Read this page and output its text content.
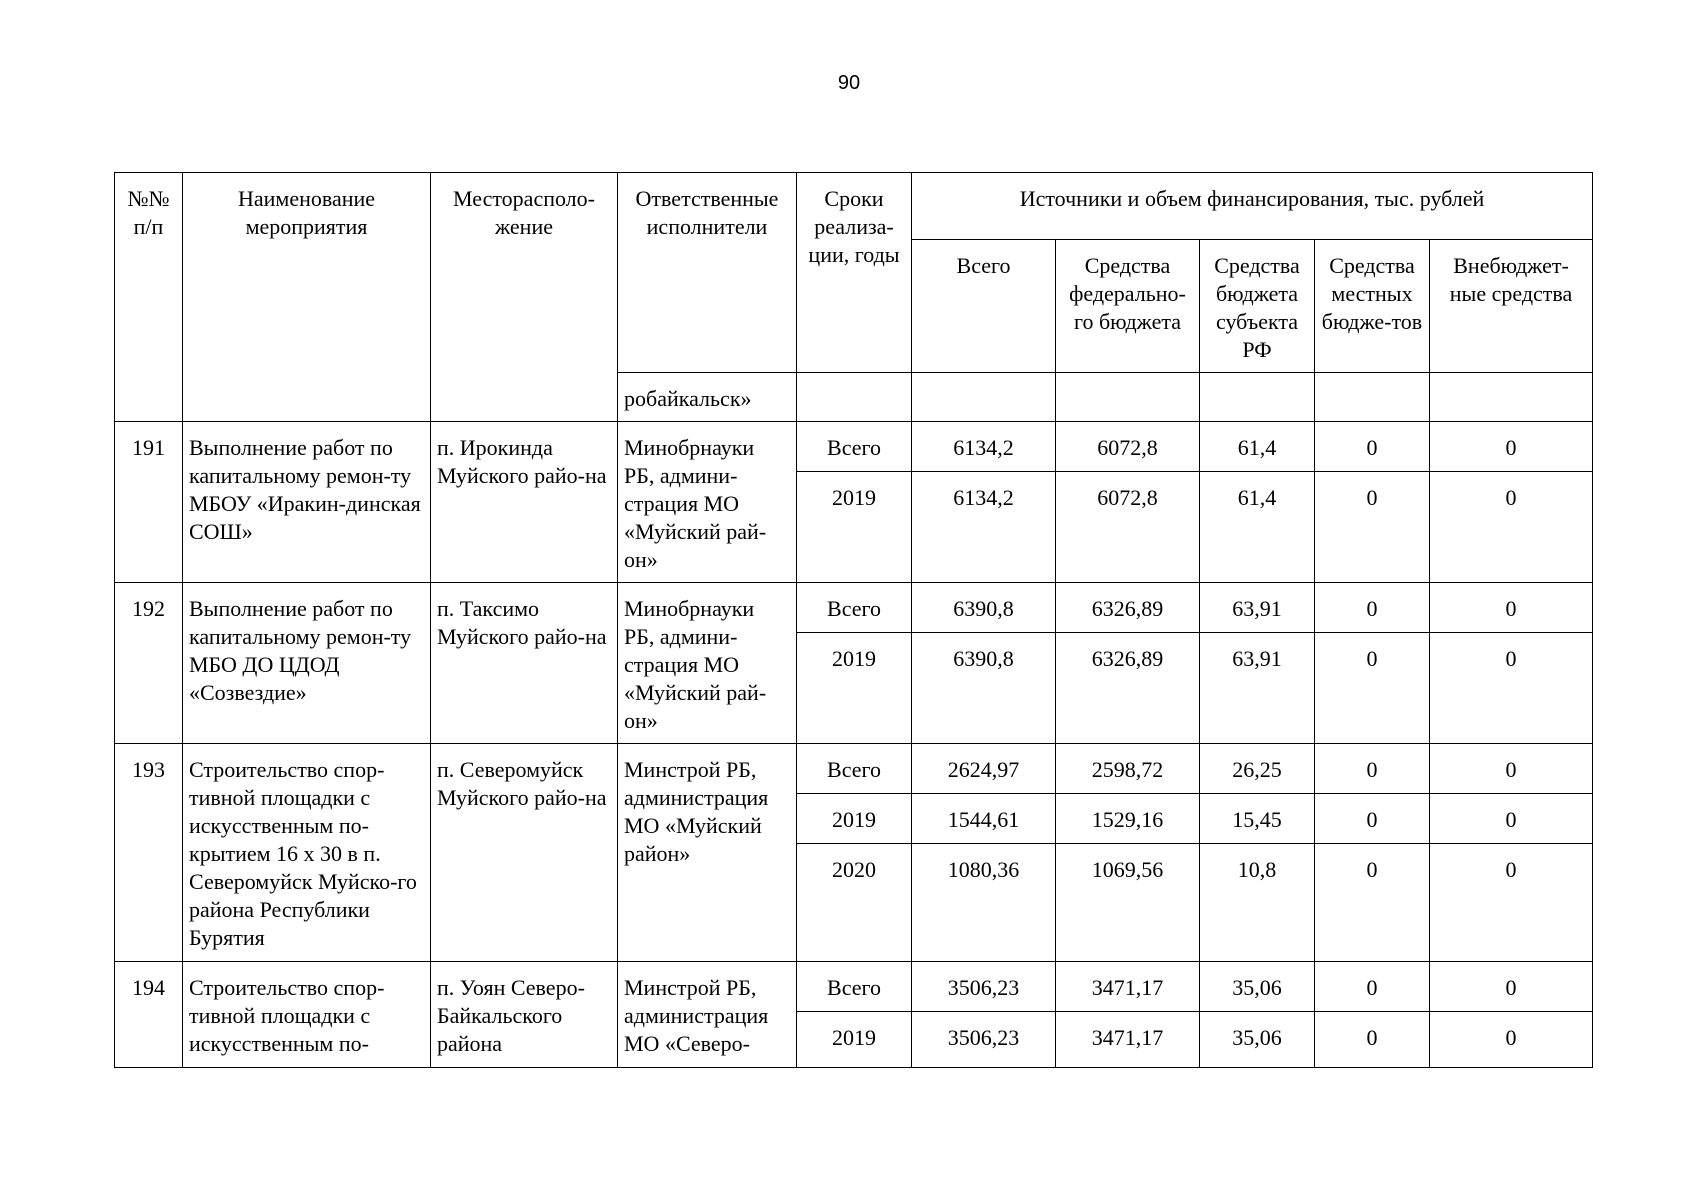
90
№№ п/п	Наименование мероприятия	Месторасполо-жение	Ответственные исполнители	Сроки реализа-ции, годы	Источники и объем финансирования, тыс. рублей				
					Всего	Средства федерально-го бюджета	Средства бюджета субъекта РФ	Средства местных бюдже-тов	Внебюджет-ные средства
			робайкальск»						
191	Выполнение работ по капитальному ремон-ту МБОУ «Иракин-динская СОШ»	п. Ирокинда Муйского райо-на	Минобрнауки РБ, админи-страция МО «Муйский рай-он»	Всего	6134,2	6072,8	61,4	0	0
				2019	6134,2	6072,8	61,4	0	0
192	Выполнение работ по капитальному ремон-ту МБО ДО ЦДОД «Созвездие»	п. Таксимо Муйского райо-на	Минобрнауки РБ, админи-страция МО «Муйский рай-он»	Всего	6390,8	6326,89	63,91	0	0
				2019	6390,8	6326,89	63,91	0	0
193	Строительство спор-тивной площадки с искусственным по-крытием 16 х 30 в п. Северомуйск Муйско-го района Республики Бурятия	п. Северомуйск Муйского райо-на	Минстрой РБ, администрация МО «Муйский район»	Всего	2624,97	2598,72	26,25	0	0
				2019	1544,61	1529,16	15,45	0	0
				2020	1080,36	1069,56	10,8	0	0
194	Строительство спор-тивной площадки с искусственным по-	п. Уоян Северо-Байкальского района	Минстрой РБ, администрация МО «Северо-	Всего	3506,23	3471,17	35,06	0	0
				2019	3506,23	3471,17	35,06	0	0
